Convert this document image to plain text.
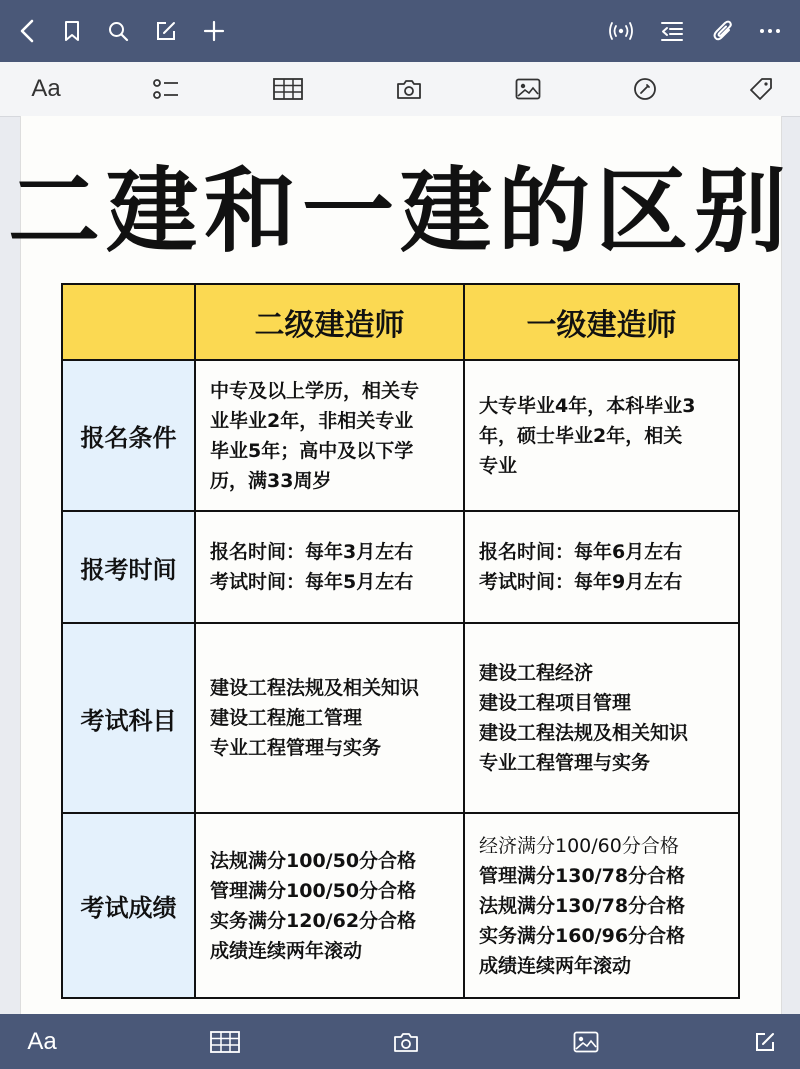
Aa
二建和一建的区别
	二级建造师	一级建造师
报名条件	中专及以上学历，相关专
业毕业2年，非相关专业
毕业5年；高中及以下学
历，满33周岁	大专毕业4年，本科毕业3
年，硕士毕业2年，相关
专业

报考时间	报名时间：每年3月左右
考试时间：每年5月左右	报名时间：每年6月左右
考试时间：每年9月左右

考试科目	建设工程法规及相关知识
建设工程施工管理
专业工程管理与实务	建设工程经济
建设工程项目管理
建设工程法规及相关知识
专业工程管理与实务

考试成绩	法规满分100/50分合格
管理满分100/50分合格
实务满分120/62分合格
成绩连续两年滚动	经济满分100/60分合格
管理满分130/78分合格
法规满分130/78分合格
实务满分160/96分合格
成绩连续两年滚动
Aa
